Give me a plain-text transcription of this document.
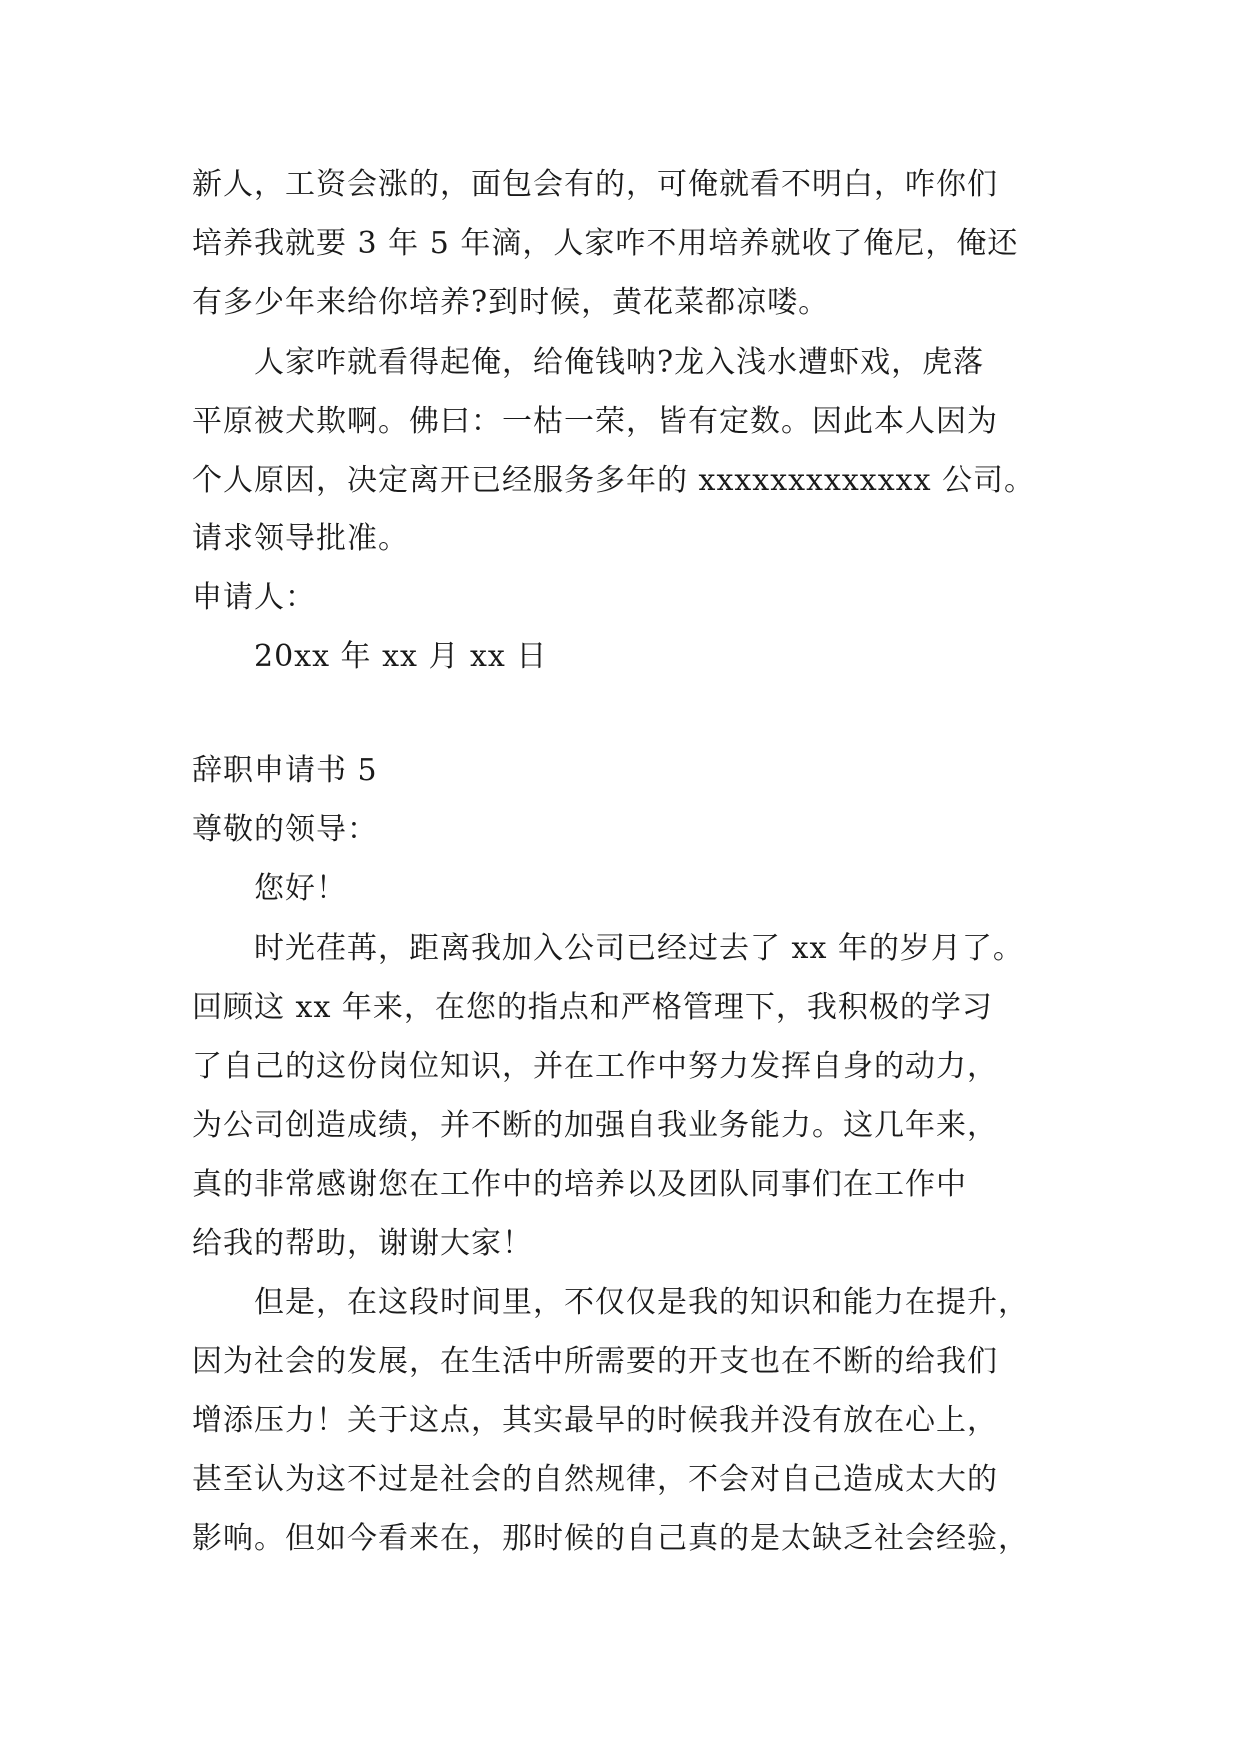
新人，工资会涨的，面包会有的，可俺就看不明白，咋你们

培养我就要 3 年 5 年滴，人家咋不用培养就收了俺尼，俺还

有多少年来给你培养?到时候，黄花菜都凉喽。

人家咋就看得起俺，给俺钱呐?龙入浅水遭虾戏，虎落

平原被犬欺啊。佛曰：一枯一荣，皆有定数。因此本人因为

个人原因，决定离开已经服务多年的 xxxxxxxxxxxxx 公司。

请求领导批准。

申请人：

20xx 年 xx 月 xx 日

辞职申请书 5

尊敬的领导：

您好！

时光荏苒，距离我加入公司已经过去了 xx 年的岁月了。

回顾这 xx 年来，在您的指点和严格管理下，我积极的学习

了自己的这份岗位知识，并在工作中努力发挥自身的动力，

为公司创造成绩，并不断的加强自我业务能力。这几年来，

真的非常感谢您在工作中的培养以及团队同事们在工作中

给我的帮助，谢谢大家！

但是，在这段时间里，不仅仅是我的知识和能力在提升，

因为社会的发展，在生活中所需要的开支也在不断的给我们

增添压力！关于这点，其实最早的时候我并没有放在心上，

甚至认为这不过是社会的自然规律，不会对自己造成太大的

影响。但如今看来在，那时候的自己真的是太缺乏社会经验，
